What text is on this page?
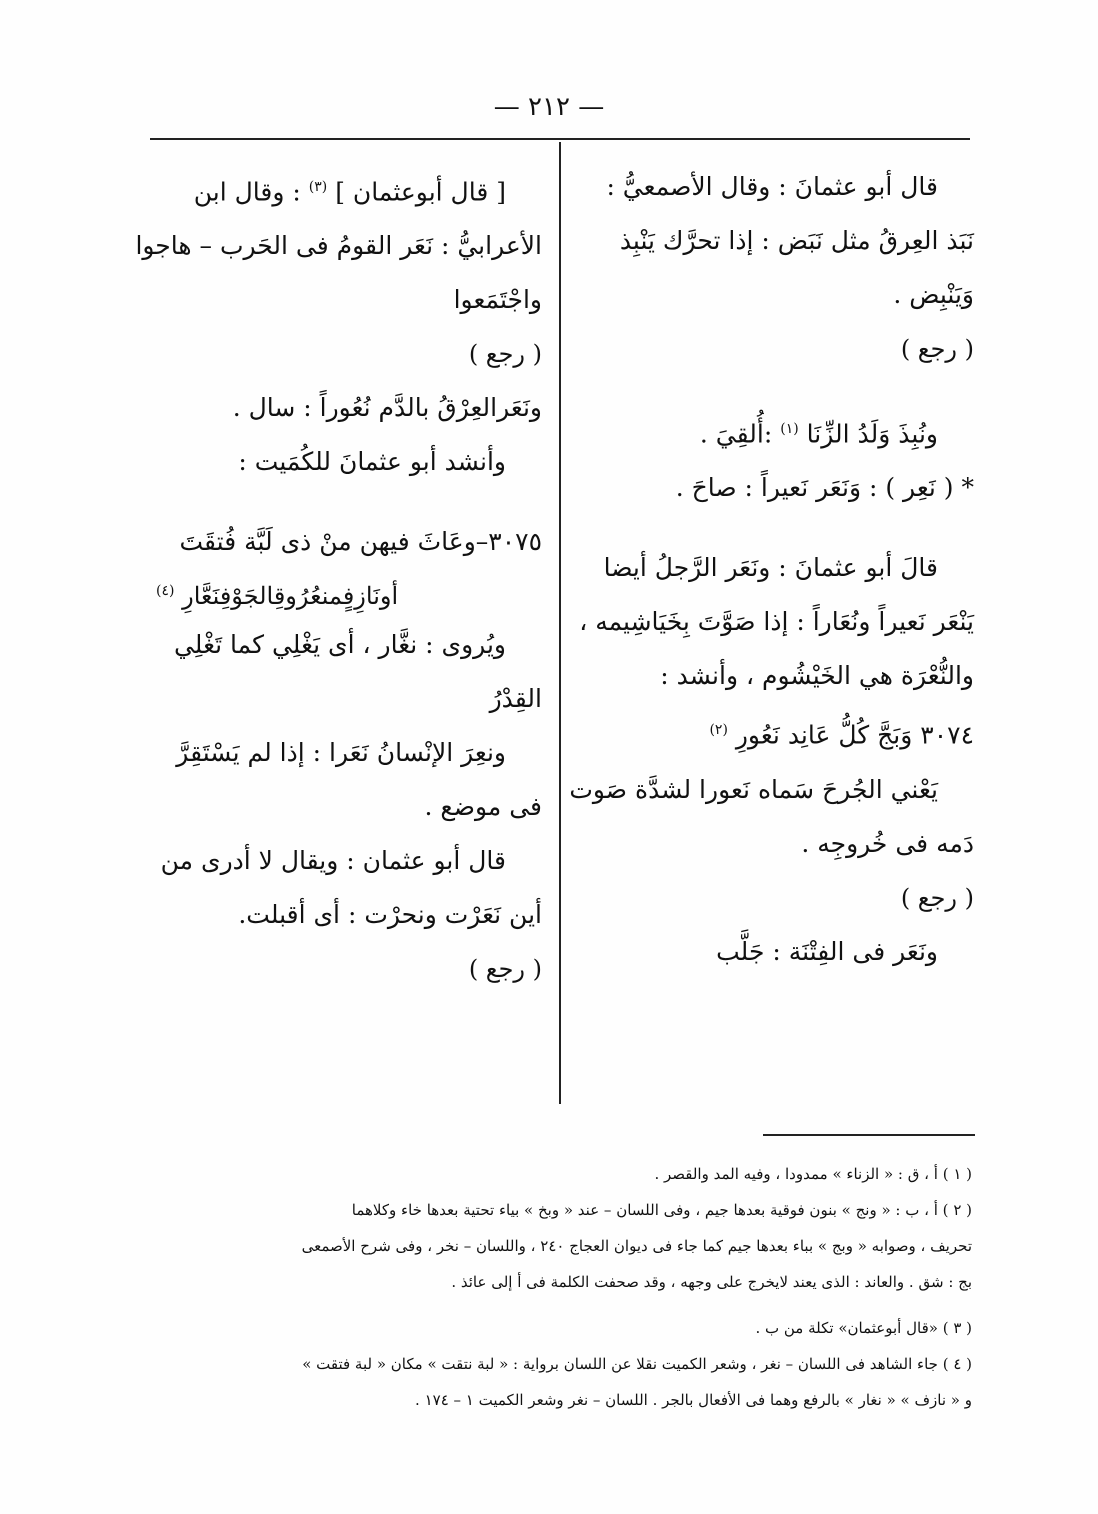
— ٢١٢ —

قال أبو عثمانَ : وقال الأصمعيُّ :

نَبَذ العِرقُ مثل نَبَض : إذا تحرَّك يَنْبِذ

وَيَنْبِض .

( رجع )

ونُبِذَ وَلَدُ الزِّنَا $^{(١)}$ :أُلقِيَ .

* ( نَعِر ) : وَنَعَر نَعيراً : صاحَ .

قالَ أبو عثمانَ : ونَعَر الرَّجلُ أيضا

يَنْعَر نَعيراً ونُعَاراً : إذا صَوَّتَ بِخَيَاشِيمه ،

والنُّعْرَة هي الخَيْشُوم ، وأنشد :

٣٠٧٤ وَبَجَّ كُلُّ عَانِد نَعُورِ $^{(٢)}$

يَعْني الجُرحَ سَماه نَعورا لشدَّة صَوت

دَمه فى خُروجِه .

( رجع )

ونَعَر فى الفِتْنَة : جَلَّب

[ قال أبوعثمان ] $^{(٣)}$ : وقال ابن

الأعرابيُّ : نَعَر القومُ فى الحَرب – هاجوا

واجْتَمَعوا

( رجع )

ونَعَرالعِرْقُ بالدَّم نُعُوراً : سال .

وأنشد أبو عثمانَ للكُمَيت :

٣٠٧٥–وعَاثَ فيهن منْ ذى لَبَّة فُتقَتَ

أونَازِفٍمنعُرُوقِالجَوْفِنَعَّارِ $^{(٤)}$

ويُروى : نغَّار ، أى يَغْلِي كما تَغْلِي

القِدْرُ

ونعِرَ الإنْسانُ نَعَرا : إذا لم يَسْتَقِرَّ

فى موضع .

قال أبو عثمان : ويقال لا أدرى من

أين نَعَرْت ونحرْت : أى أقبلت.

( رجع )

( ١ ) أ ، ق : « الزناء » ممدودا ، وفيه المد والقصر .

( ٢ ) أ ، ب : « ونج » بنون فوقية بعدها جيم ، وفى اللسان – عند « وبخ » بياء تحتية بعدها خاء وكلاهما

تحريف ، وصوابه « وبج » بباء بعدها جيم كما جاء فى ديوان العجاج ٢٤٠ ، واللسان – نخر ، وفى شرح الأصمعى

بج : شق . والعاند : الذى يعند لايخرج على وجهه ، وقد صحفت الكلمة فى أ إلى عائذ .

( ٣ ) «قال أبوعثمان» تكلة من ب .

( ٤ ) جاء الشاهد فى اللسان – نغر ، وشعر الكميت نقلا عن اللسان برواية : « لبة نتقت » مكان « لبة فتقت »

و « نازف » « نغار » بالرفع وهما فى الأفعال بالجر . اللسان – نغر وشعر الكميت ١ – ١٧٤ .
